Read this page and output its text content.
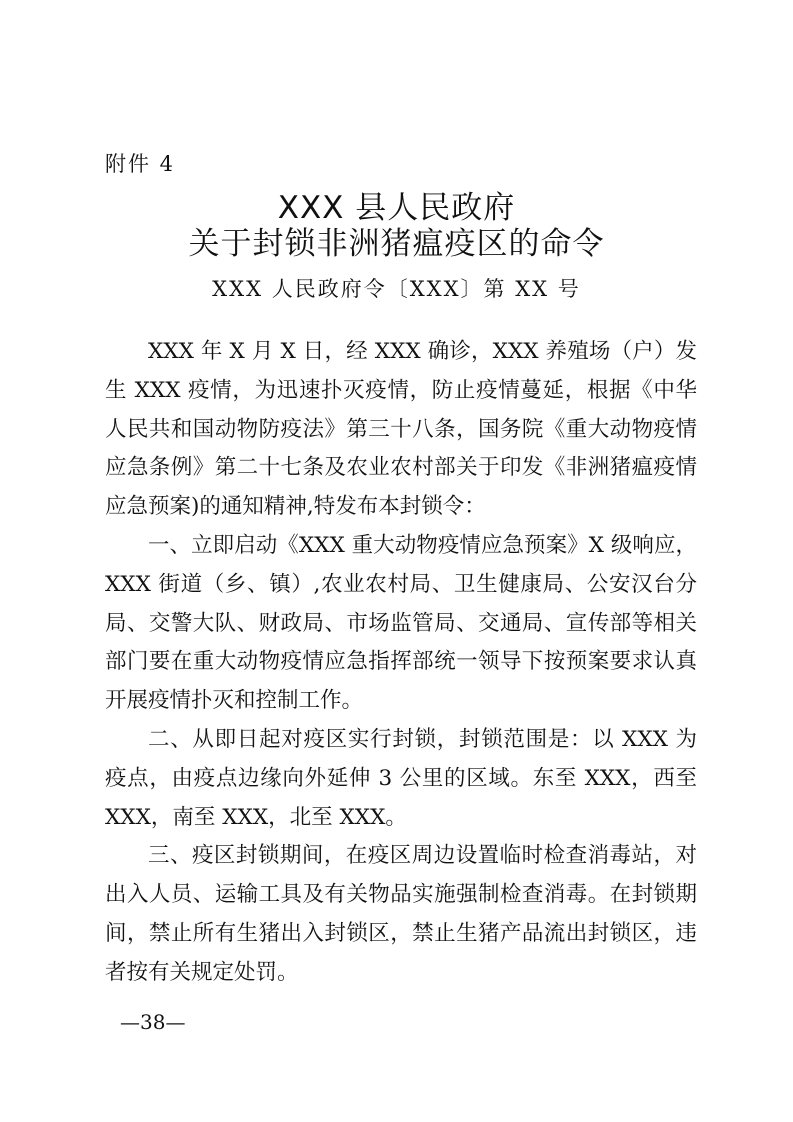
附件 4
XXX 县人民政府
关于封锁非洲猪瘟疫区的命令
XXX 人民政府令〔XXX〕第 XX 号

XXX 年 X 月 X 日，经 XXX 确诊，XXX 养殖场（户）发生 XXX 疫情，为迅速扑灭疫情，防止疫情蔓延，根据《中华人民共和国动物防疫法》第三十八条，国务院《重大动物疫情应急条例》第二十七条及农业农村部关于印发《非洲猪瘟疫情应急预案)的通知精神,特发布本封锁令：

一、立即启动《XXX 重大动物疫情应急预案》X 级响应，XXX 街道（乡、镇）,农业农村局、卫生健康局、公安汉台分局、交警大队、财政局、市场监管局、交通局、宣传部等相关部门要在重大动物疫情应急指挥部统一领导下按预案要求认真开展疫情扑灭和控制工作。

二、从即日起对疫区实行封锁，封锁范围是：以 XXX 为疫点，由疫点边缘向外延伸 3 公里的区域。东至 XXX，西至 XXX，南至 XXX，北至 XXX。

三、疫区封锁期间，在疫区周边设置临时检查消毒站，对出入人员、运输工具及有关物品实施强制检查消毒。在封锁期间，禁止所有生猪出入封锁区，禁止生猪产品流出封锁区，违者按有关规定处罚。

—38—
